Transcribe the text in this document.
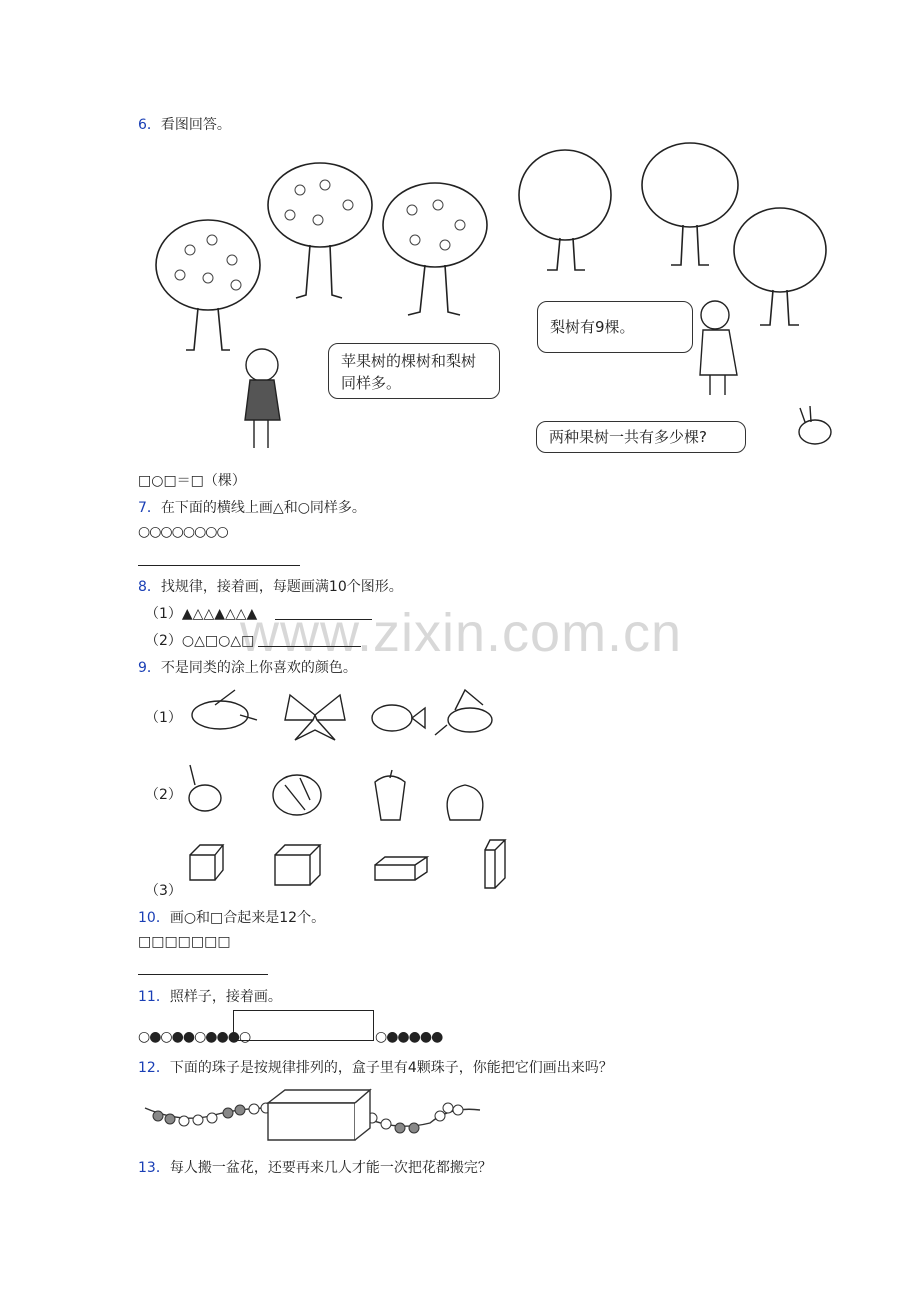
www.zixin.com.cn
6．看图回答。
苹果树的棵树和梨树同样多。
梨树有9棵。
两种果树一共有多少棵?
□○□＝□（棵）
7．在下面的横线上画△和○同样多。
○○○○○○○○
8．找规律，接着画，每题画满10个图形。
（1）▲△△▲△△▲
（2）○△□○△□
9．不是同类的涂上你喜欢的颜色。
（1）
（2）
（3）
10．画○和□合起来是12个。
□□□□□□□
11．照样子，接着画。
○●○●●○●●●○	○●●●●●
12．下面的珠子是按规律排列的，盒子里有4颗珠子，你能把它们画出来吗？
13．每人搬一盆花，还要再来几人才能一次把花都搬完？
